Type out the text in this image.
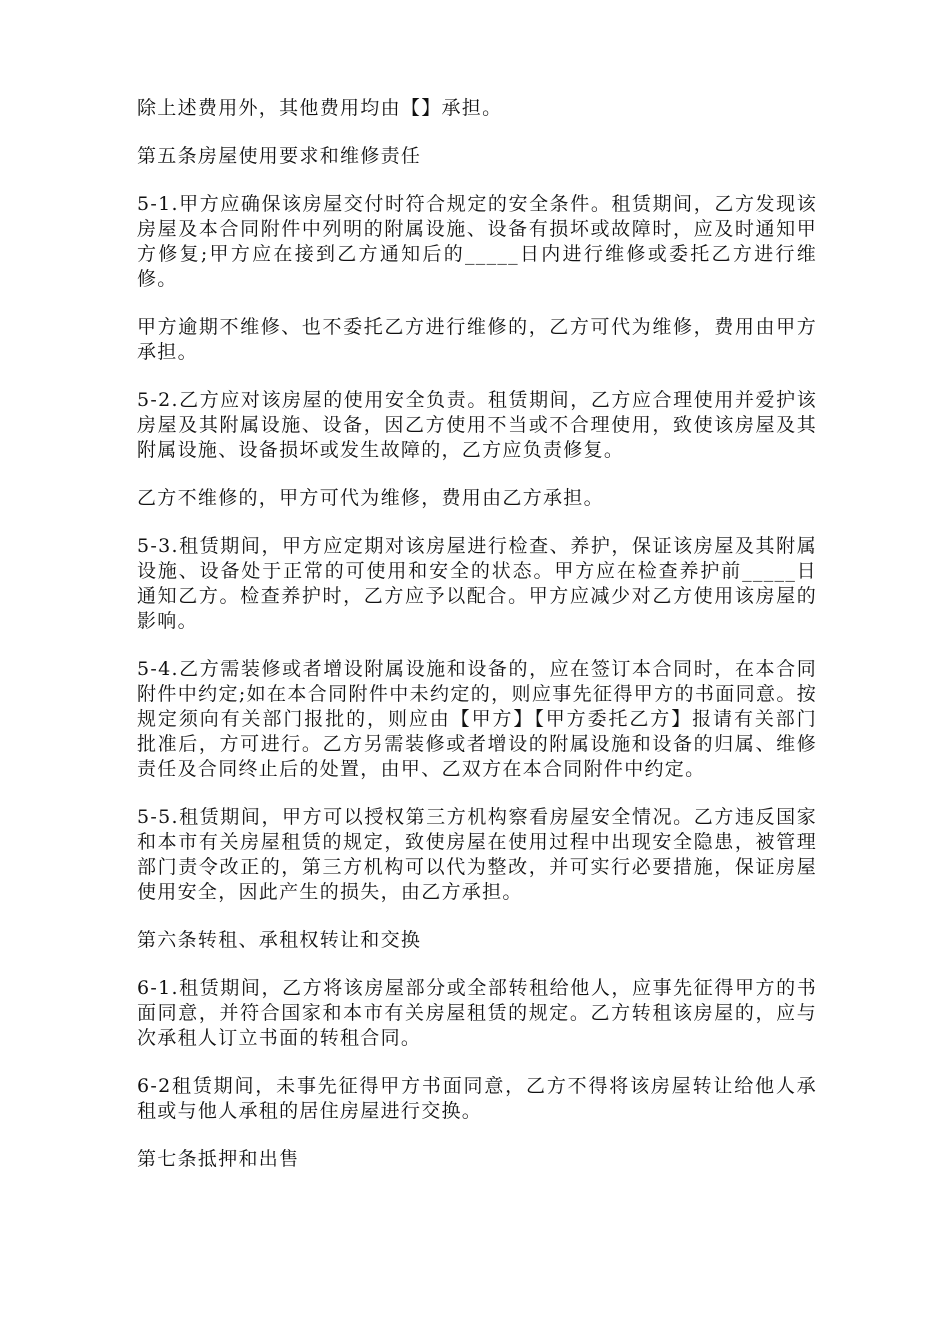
除上述费用外，其他费用均由【】承担。

第五条房屋使用要求和维修责任

5-1.甲方应确保该房屋交付时符合规定的安全条件。租赁期间，乙方发现该房屋及本合同附件中列明的附属设施、设备有损坏或故障时，应及时通知甲方修复;甲方应在接到乙方通知后的_____日内进行维修或委托乙方进行维修。

甲方逾期不维修、也不委托乙方进行维修的，乙方可代为维修，费用由甲方承担。

5-2.乙方应对该房屋的使用安全负责。租赁期间，乙方应合理使用并爱护该房屋及其附属设施、设备，因乙方使用不当或不合理使用，致使该房屋及其附属设施、设备损坏或发生故障的，乙方应负责修复。

乙方不维修的，甲方可代为维修，费用由乙方承担。

5-3.租赁期间，甲方应定期对该房屋进行检查、养护，保证该房屋及其附属设施、设备处于正常的可使用和安全的状态。甲方应在检查养护前_____日通知乙方。检查养护时，乙方应予以配合。甲方应减少对乙方使用该房屋的影响。

5-4.乙方需装修或者增设附属设施和设备的，应在签订本合同时，在本合同附件中约定;如在本合同附件中未约定的，则应事先征得甲方的书面同意。按规定须向有关部门报批的，则应由【甲方】【甲方委托乙方】报请有关部门批准后，方可进行。乙方另需装修或者增设的附属设施和设备的归属、维修责任及合同终止后的处置，由甲、乙双方在本合同附件中约定。

5-5.租赁期间，甲方可以授权第三方机构察看房屋安全情况。乙方违反国家和本市有关房屋租赁的规定，致使房屋在使用过程中出现安全隐患，被管理部门责令改正的，第三方机构可以代为整改，并可实行必要措施，保证房屋使用安全，因此产生的损失，由乙方承担。

第六条转租、承租权转让和交换

6-1.租赁期间，乙方将该房屋部分或全部转租给他人，应事先征得甲方的书面同意，并符合国家和本市有关房屋租赁的规定。乙方转租该房屋的，应与次承租人订立书面的转租合同。

6-2租赁期间，未事先征得甲方书面同意，乙方不得将该房屋转让给他人承租或与他人承租的居住房屋进行交换。

第七条抵押和出售
